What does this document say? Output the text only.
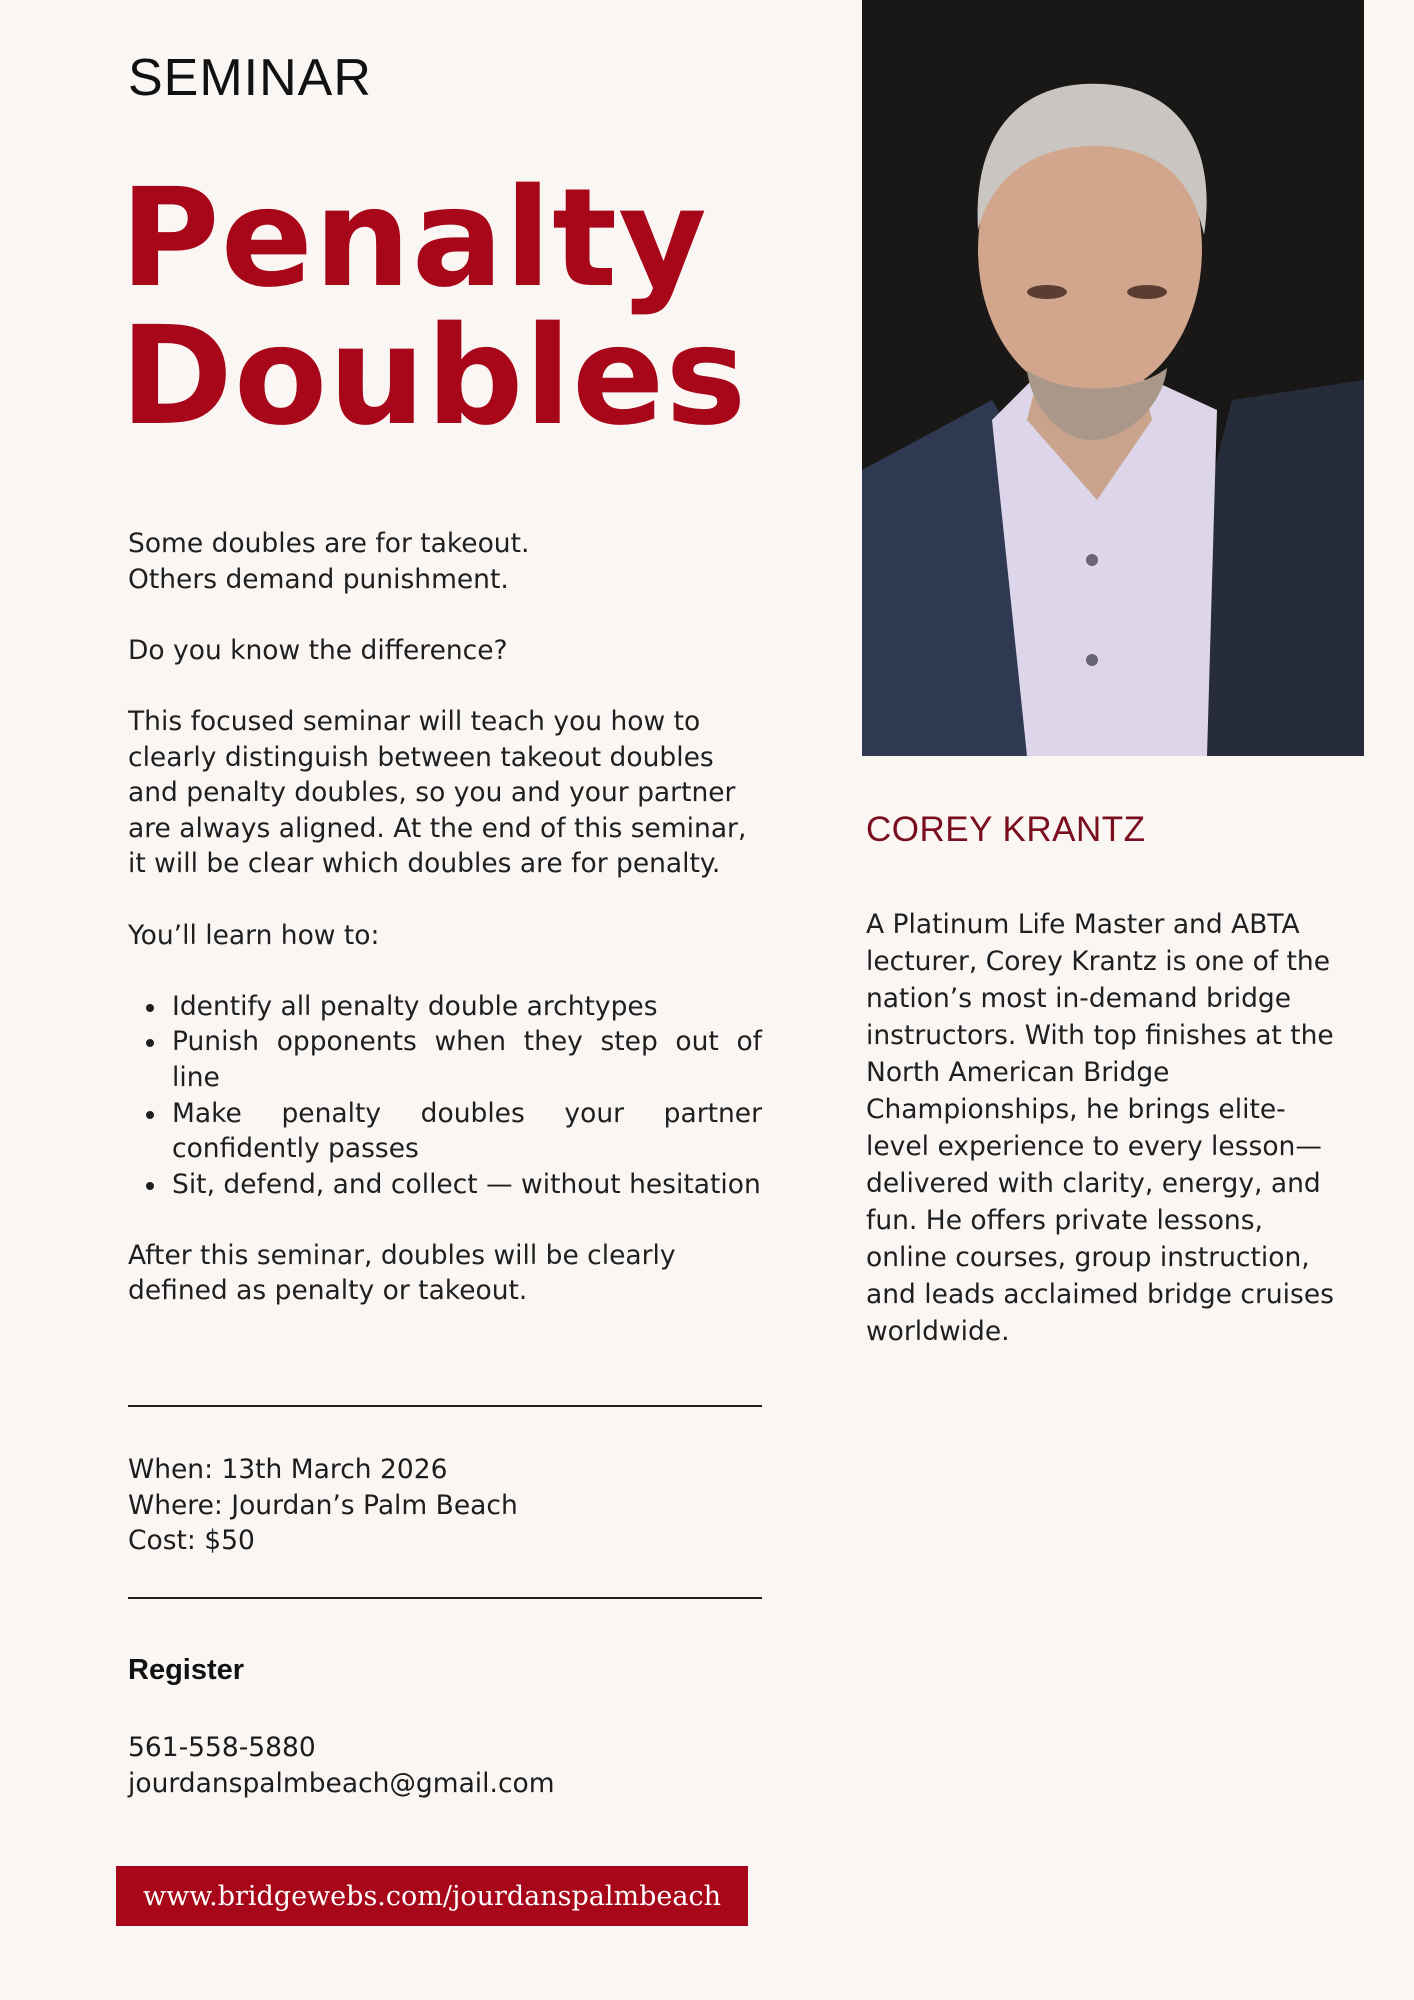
SEMINAR
Penalty
Doubles

Some doubles are for takeout.

Others demand punishment.

Do you know the difference?

This focused seminar will teach you how to clearly distinguish between takeout doubles and penalty doubles, so you and your partner are always aligned. At the end of this seminar, it will be clear which doubles are for penalty.

You’ll learn how to:

Identify all penalty double archtypes
Punish opponents when they step out of line
Make penalty doubles your partner confidently passes
Sit, defend, and collect — without hesitation

After this seminar, doubles will be clearly defined as penalty or takeout.

When: 13th March 2026
Where: Jourdan’s Palm Beach
Cost: $50
Register
561-558-5880
jourdanspalmbeach@gmail.com
www.bridgewebs.com/jourdanspalmbeach
COREY KRANTZ

A Platinum Life Master and ABTA lecturer, Corey Krantz is one of the nation’s most in-demand bridge instructors. With top finishes at the North American Bridge Championships, he brings elite-level experience to every lesson—delivered with clarity, energy, and fun. He offers private lessons, online courses, group instruction, and leads acclaimed bridge cruises worldwide.
